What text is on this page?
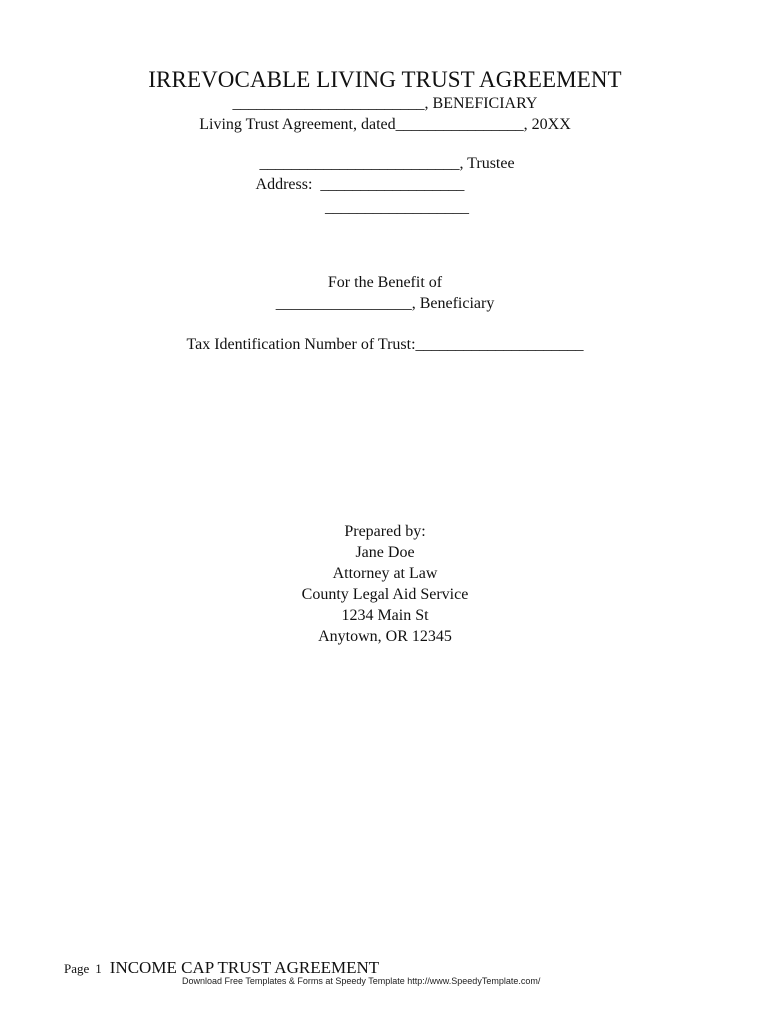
IRREVOCABLE LIVING TRUST AGREEMENT
________________________, BENEFICIARY
Living Trust Agreement, dated________________, 20XX
_________________________, Trustee
Address:  __________________
__________________
For the Benefit of
_________________, Beneficiary
Tax Identification Number of Trust:_____________________
Prepared by:
Jane Doe
Attorney at Law
County Legal Aid Service
1234 Main St
Anytown, OR 12345
Page 1 INCOME CAP TRUST AGREEMENT
Download Free Templates & Forms at Speedy Template http://www.SpeedyTemplate.com/
